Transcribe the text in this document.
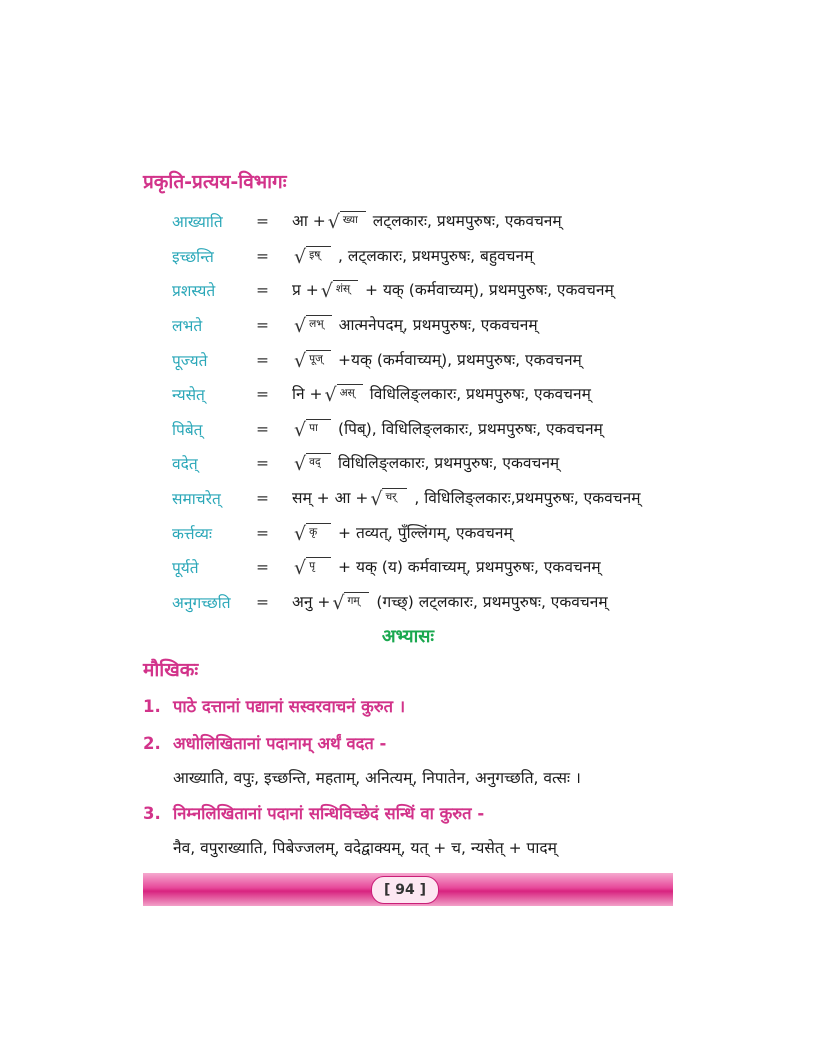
प्रकृति-प्रत्यय-विभागः
आख्याति	=	आ + √ ख्या लट्लकारः, प्रथमपुरुषः, एकवचनम्
इच्छन्ति	=	√ इष् , लट्लकारः, प्रथमपुरुषः, बहुवचनम्
प्रशस्यते	=	प्र + √ शंस् + यक् (कर्मवाच्यम्), प्रथमपुरुषः, एकवचनम्
लभते	=	√ लभ् आत्मनेपदम्, प्रथमपुरुषः, एकवचनम्
पूज्यते	=	√ पूज् +यक् (कर्मवाच्यम्), प्रथमपुरुषः, एकवचनम्
न्यसेत्	=	नि + √ अस् विधिलिङ्लकारः, प्रथमपुरुषः, एकवचनम्
पिबेत्	=	√ पा (पिब्), विधिलिङ्लकारः, प्रथमपुरुषः, एकवचनम्
वदेत्	=	√ वद् विधिलिङ्लकारः, प्रथमपुरुषः, एकवचनम्
समाचरेत्	=	सम् + आ + √ चर् , विधिलिङ्लकारः,प्रथमपुरुषः, एकवचनम्
कर्त्तव्यः	=	√ कृ + तव्यत्, पुँल्लिंगम्, एकवचनम्
पूर्यते	=	√ पृ + यक् (य) कर्मवाच्यम्, प्रथमपुरुषः, एकवचनम्
अनुगच्छति	=	अनु + √ गम् (गच्छ्) लट्लकारः, प्रथमपुरुषः, एकवचनम्
अभ्यासः
मौखिकः
1. पाठे दत्तानां पद्यानां सस्वरवाचनं कुरुत ।
2. अधोलिखितानां पदानाम् अर्थं वदत -
आख्याति, वपुः, इच्छन्ति, महताम्, अनित्यम्, निपातेन, अनुगच्छति, वत्सः ।
3. निम्नलिखितानां पदानां सन्धिविच्छेदं सन्धिं वा कुरुत -
नैव, वपुराख्याति, पिबेज्जलम्, वदेद्वाक्यम्, यत् + च, न्यसेत् + पादम्
[ 94 ]
